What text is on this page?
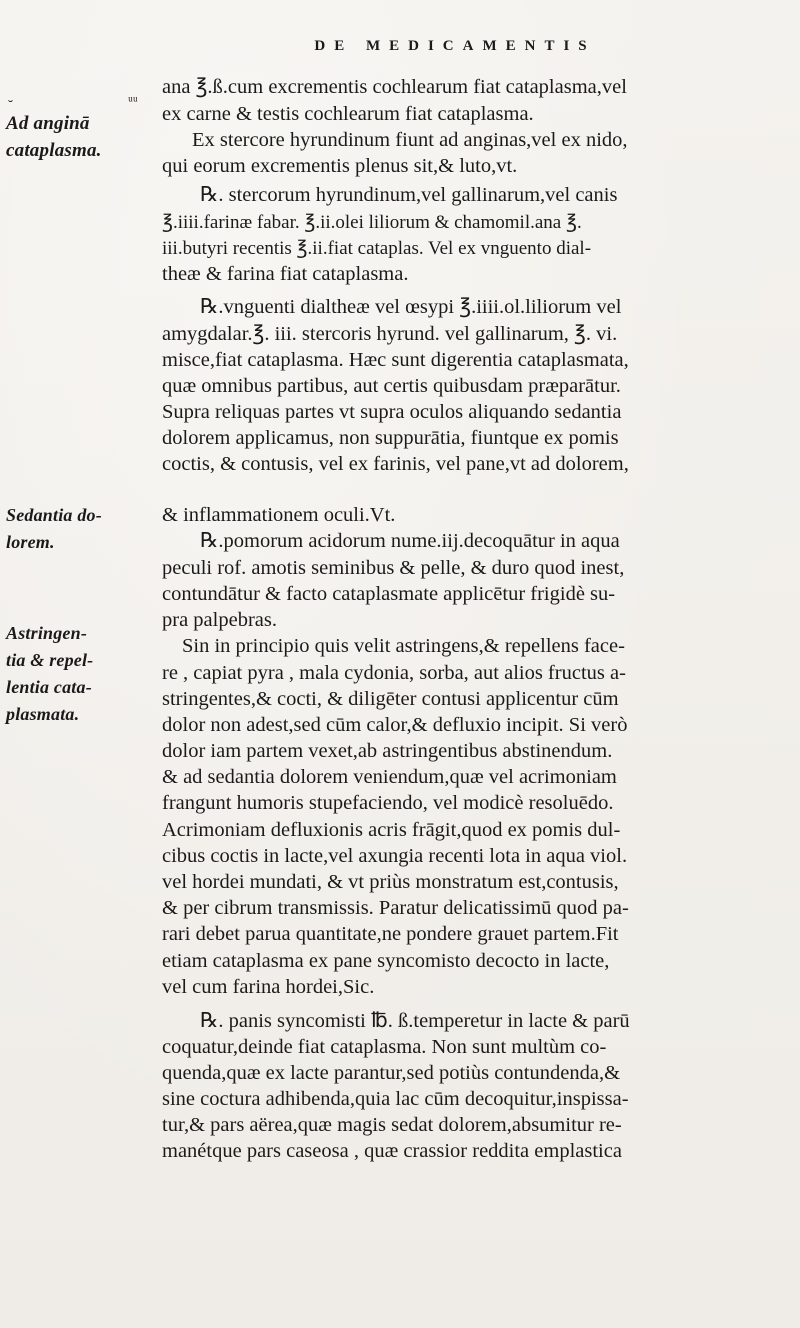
DE MEDICAMENTIS
˘
ᵤᵤ
Ad anginā
cataplasma.
Sedantia do-
lorem.
Astringen-
tia & repel-
lentia cata-
plasmata.
ana ℥.ß.cum excrementis cochlearum fiat cataplasma,vel
ex carne & testis cochlearum fiat cataplasma.
Ex stercore hyrundinum fiunt ad anginas,vel ex nido,
qui eorum excrementis plenus sit,& luto,vt.
℞. stercorum hyrundinum,vel gallinarum,vel canis
℥.iiii.farinæ fabar. ℥.ii.olei liliorum & chamomil.ana ℥.
iii.butyri recentis ℥.ii.fiat cataplas. Vel ex vnguento dial-
theæ & farina fiat cataplasma.
℞.vnguenti dialtheæ vel œsypi ℥.iiii.ol.liliorum vel
amygdalar.℥. iii. stercoris hyrund. vel gallinarum, ℥. vi.
misce,fiat cataplasma. Hæc sunt digerentia cataplasmata,
quæ omnibus partibus, aut certis quibusdam præparātur.
Supra reliquas partes vt supra oculos aliquando sedantia
dolorem applicamus, non suppurātia, fiuntque ex pomis
coctis, & contusis, vel ex farinis, vel pane,vt ad dolorem,
& inflammationem oculi.Vt.
℞.pomorum acidorum nume.iij.decoquātur in aqua
peculi rof. amotis seminibus & pelle, & duro quod inest,
contundātur & facto cataplasmate applicētur frigidè su-
pra palpebras.
Sin in principio quis velit astringens,& repellens face-
re , capiat pyra , mala cydonia, sorba, aut alios fructus a-
stringentes,& cocti, & diligēter contusi applicentur cūm
dolor non adest,sed cūm calor,& defluxio incipit. Si verò
dolor iam partem vexet,ab astringentibus abstinendum.
& ad sedantia dolorem veniendum,quæ vel acrimoniam
frangunt humoris stupefaciendo, vel modicè resoluēdo.
Acrimoniam defluxionis acris frāgit,quod ex pomis dul-
cibus coctis in lacte,vel axungia recenti lota in aqua viol.
vel hordei mundati, & vt priùs monstratum est,contusis,
& per cibrum transmissis. Paratur delicatissimū quod pa-
rari debet parua quantitate,ne pondere grauet partem.Fit
etiam cataplasma ex pane syncomisto decocto in lacte,
vel cum farina hordei,Sic.
℞. panis syncomisti ℔. ß.temperetur in lacte & parū
coquatur,deinde fiat cataplasma. Non sunt multùm co-
quenda,quæ ex lacte parantur,sed potiùs contundenda,&
sine coctura adhibenda,quia lac cūm decoquitur,inspissa-
tur,& pars aërea,quæ magis sedat dolorem,absumitur re-
manétque pars caseosa , quæ crassior reddita emplastica
